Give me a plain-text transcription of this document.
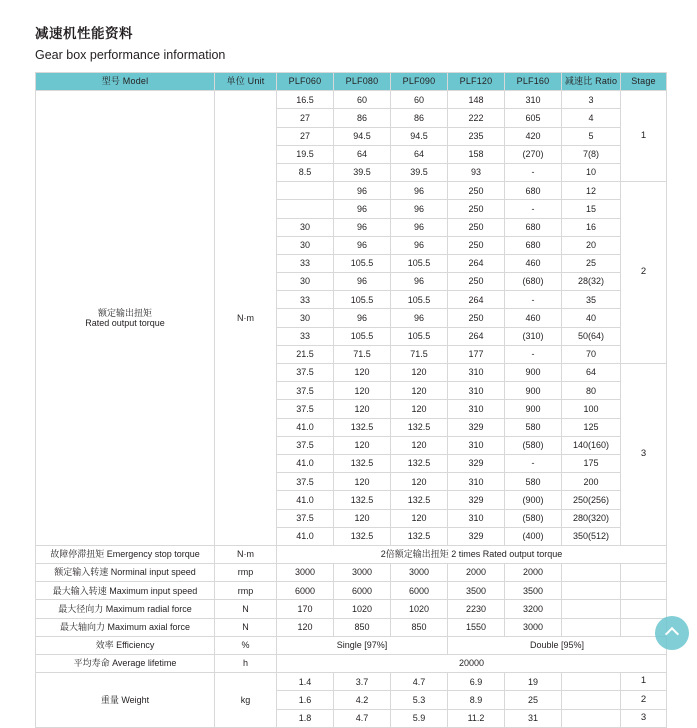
减速机性能资料
Gear box performance information
型号 Model	单位 Unit	PLF060	PLF080	PLF090	PLF120	PLF160	减速比 Ratio	Stage

额定输出扭矩
Rated output torque	N·m	16.5	60	60	148	310	3	1
		27	86	86	222	605	4	
		27	94.5	94.5	235	420	5	
		19.5	64	64	158	(270)	7(8)	
		8.5	39.5	39.5	93	-	10	
			96	96	250	680	12	2
			96	96	250	-	15	
		30	96	96	250	680	16	
		30	96	96	250	680	20	
		33	105.5	105.5	264	460	25	
		30	96	96	250	(680)	28(32)	
		33	105.5	105.5	264	-	35	
		30	96	96	250	460	40	
		33	105.5	105.5	264	(310)	50(64)	
		21.5	71.5	71.5	177	-	70	
		37.5	120	120	310	900	64	3
		37.5	120	120	310	900	80	
		37.5	120	120	310	900	100	
		41.0	132.5	132.5	329	580	125	
		37.5	120	120	310	(580)	140(160)	
		41.0	132.5	132.5	329	-	175	
		37.5	120	120	310	580	200	
		41.0	132.5	132.5	329	(900)	250(256)	
		37.5	120	120	310	(580)	280(320)	
		41.0	132.5	132.5	329	(400)	350(512)	
故障停滞扭矩 Emergency stop torque	N·m	2倍额定输出扭矩 2 times Rated output torque						
额定输入转速 Norminal input speed	rmp	3000	3000	3000	2000	2000		
最大输入转速 Maximum input speed	rmp	6000	6000	6000	3500	3500		
最大径向力 Maximum radial force	N	170	1020	1020	2230	3200		
最大轴向力 Maximum axial force	N	120	850	850	1550	3000		
效率 Efficiency	%	Single [97%]			Double [95%]			
平均寿命 Average lifetime	h	20000						
重量 Weight	kg	1.4	3.7	4.7	6.9	19		1
		1.6	4.2	5.3	8.9	25		2
		1.8	4.7	5.9	11.2	31		3
